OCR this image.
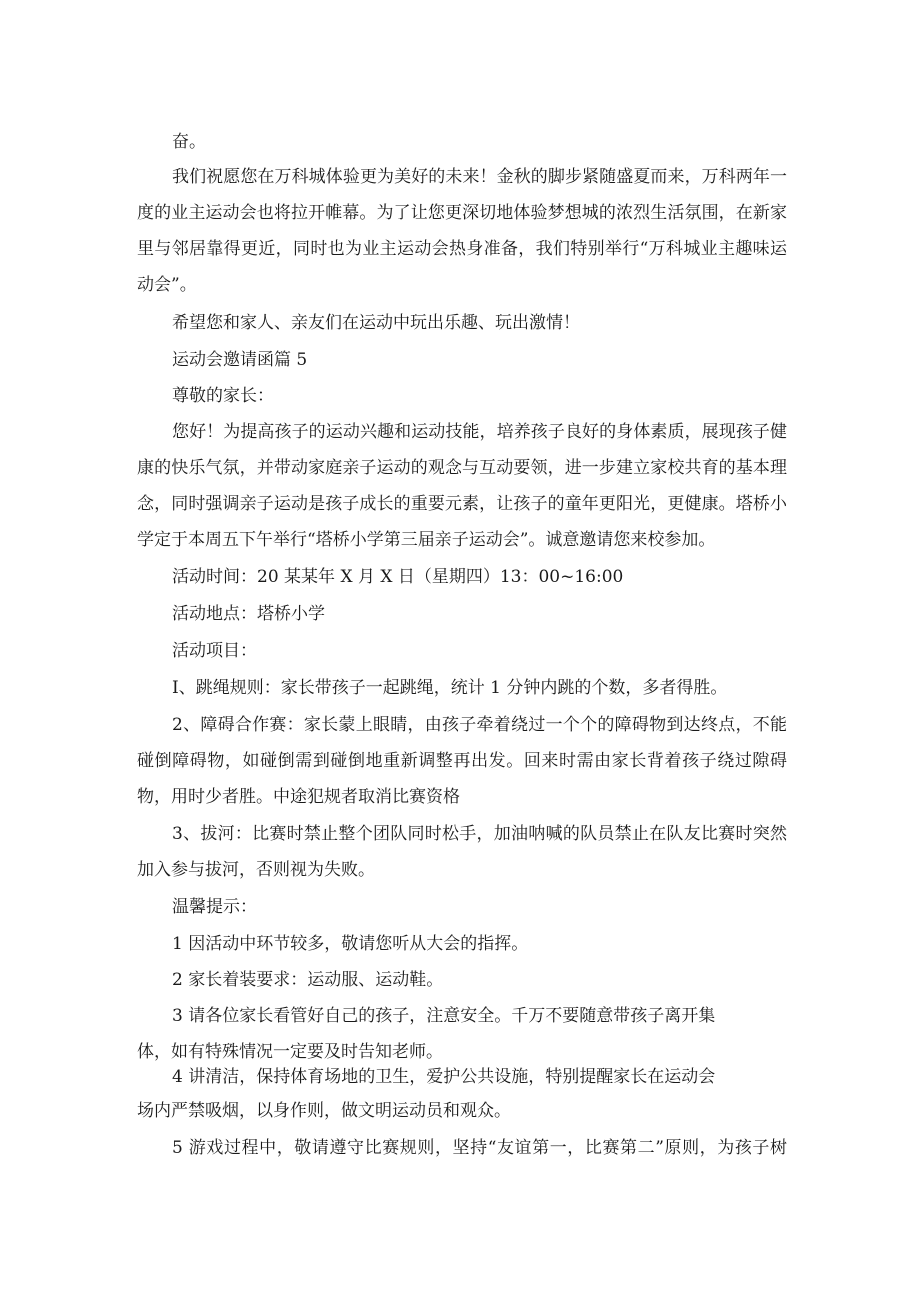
奋。
我们祝愿您在万科城体验更为美好的未来！金秋的脚步紧随盛夏而来，万科两年一
度的业主运动会也将拉开帷幕。为了让您更深切地体验梦想城的浓烈生活氛围，在新家
里与邻居靠得更近，同时也为业主运动会热身准备，我们特别举行“万科城业主趣味运
动会”。
希望您和家人、亲友们在运动中玩出乐趣、玩出激情！
运动会邀请函篇 5
尊敬的家长：
您好！为提高孩子的运动兴趣和运动技能，培养孩子良好的身体素质，展现孩子健
康的快乐气氛，并带动家庭亲子运动的观念与互动要领，进一步建立家校共育的基本理
念，同时强调亲子运动是孩子成长的重要元素，让孩子的童年更阳光，更健康。塔桥小
学定于本周五下午举行“塔桥小学第三届亲子运动会”。诚意邀请您来校参加。
活动时间：20 某某年 X 月 X 日（星期四）13：00~16:00
活动地点：塔桥小学
活动项目：
I、跳绳规则：家长带孩子一起跳绳，统计 1 分钟内跳的个数，多者得胜。
2、障碍合作赛：家长蒙上眼睛，由孩子牵着绕过一个个的障碍物到达终点，不能
碰倒障碍物，如碰倒需到碰倒地重新调整再出发。回来时需由家长背着孩子绕过隙碍
物，用时少者胜。中途犯规者取消比赛资格
3、拔河：比赛时禁止整个团队同时松手，加油呐喊的队员禁止在队友比赛时突然
加入参与拔河，否则视为失败。
温馨提示：
1 因活动中环节较多，敬请您听从大会的指挥。
2 家长着装要求：运动服、运动鞋。
3 请各位家长看管好自己的孩子，注意安全。千万不要随意带孩子离开集
体，如有特殊情况一定要及时告知老师。
4 讲清洁，保持体育场地的卫生，爱护公共设施，特别提醒家长在运动会
场内严禁吸烟，以身作则，做文明运动员和观众。
5 游戏过程中，敬请遵守比赛规则，坚持“友谊第一，比赛第二”原则，为孩子树
